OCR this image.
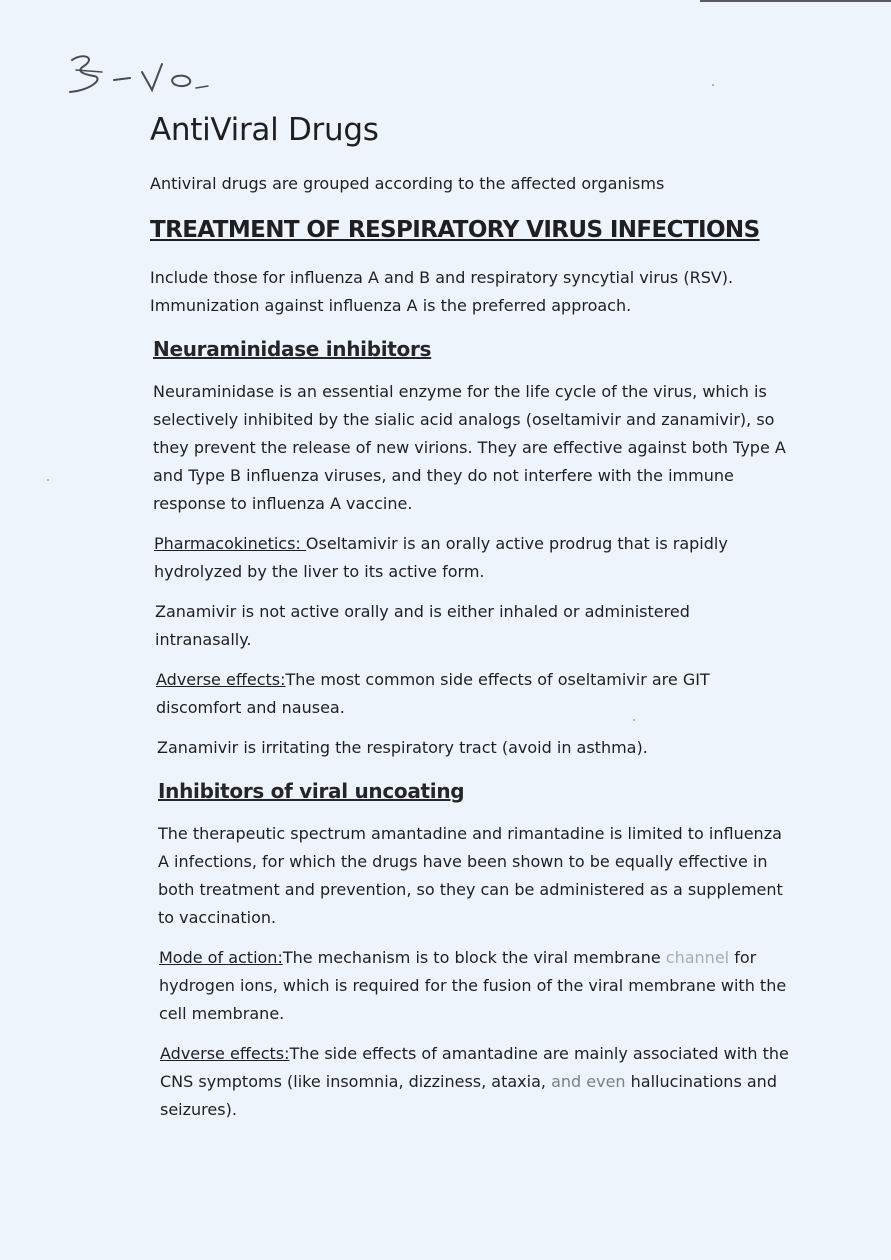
AntiViral Drugs

Antiviral drugs are grouped according to the affected organisms

TREATMENT OF RESPIRATORY VIRUS INFECTIONS

Include those for influenza A and B and respiratory syncytial virus (RSV). Immunization against influenza A is the preferred approach.

Neuraminidase inhibitors

Neuraminidase is an essential enzyme for the life cycle of the virus, which is selectively inhibited by the sialic acid analogs (oseltamivir and zanamivir), so they prevent the release of new virions. They are effective against both Type A and Type B influenza viruses, and they do not interfere with the immune response to influenza A vaccine.

Pharmacokinetics: Oseltamivir is an orally active prodrug that is rapidly hydrolyzed by the liver to its active form.

Zanamivir is not active orally and is either inhaled or administered intranasally.

Adverse effects:The most common side effects of oseltamivir are GIT discomfort and nausea.

Zanamivir is irritating the respiratory tract (avoid in asthma).

Inhibitors of viral uncoating

The therapeutic spectrum amantadine and rimantadine is limited to influenza A infections, for which the drugs have been shown to be equally effective in both treatment and prevention, so they can be administered as a supplement to vaccination.

Mode of action:The mechanism is to block the viral membrane channel for hydrogen ions, which is required for the fusion of the viral membrane with the cell membrane.

Adverse effects:The side effects of amantadine are mainly associated with the CNS symptoms (like insomnia, dizziness, ataxia, and even hallucinations and seizures).
